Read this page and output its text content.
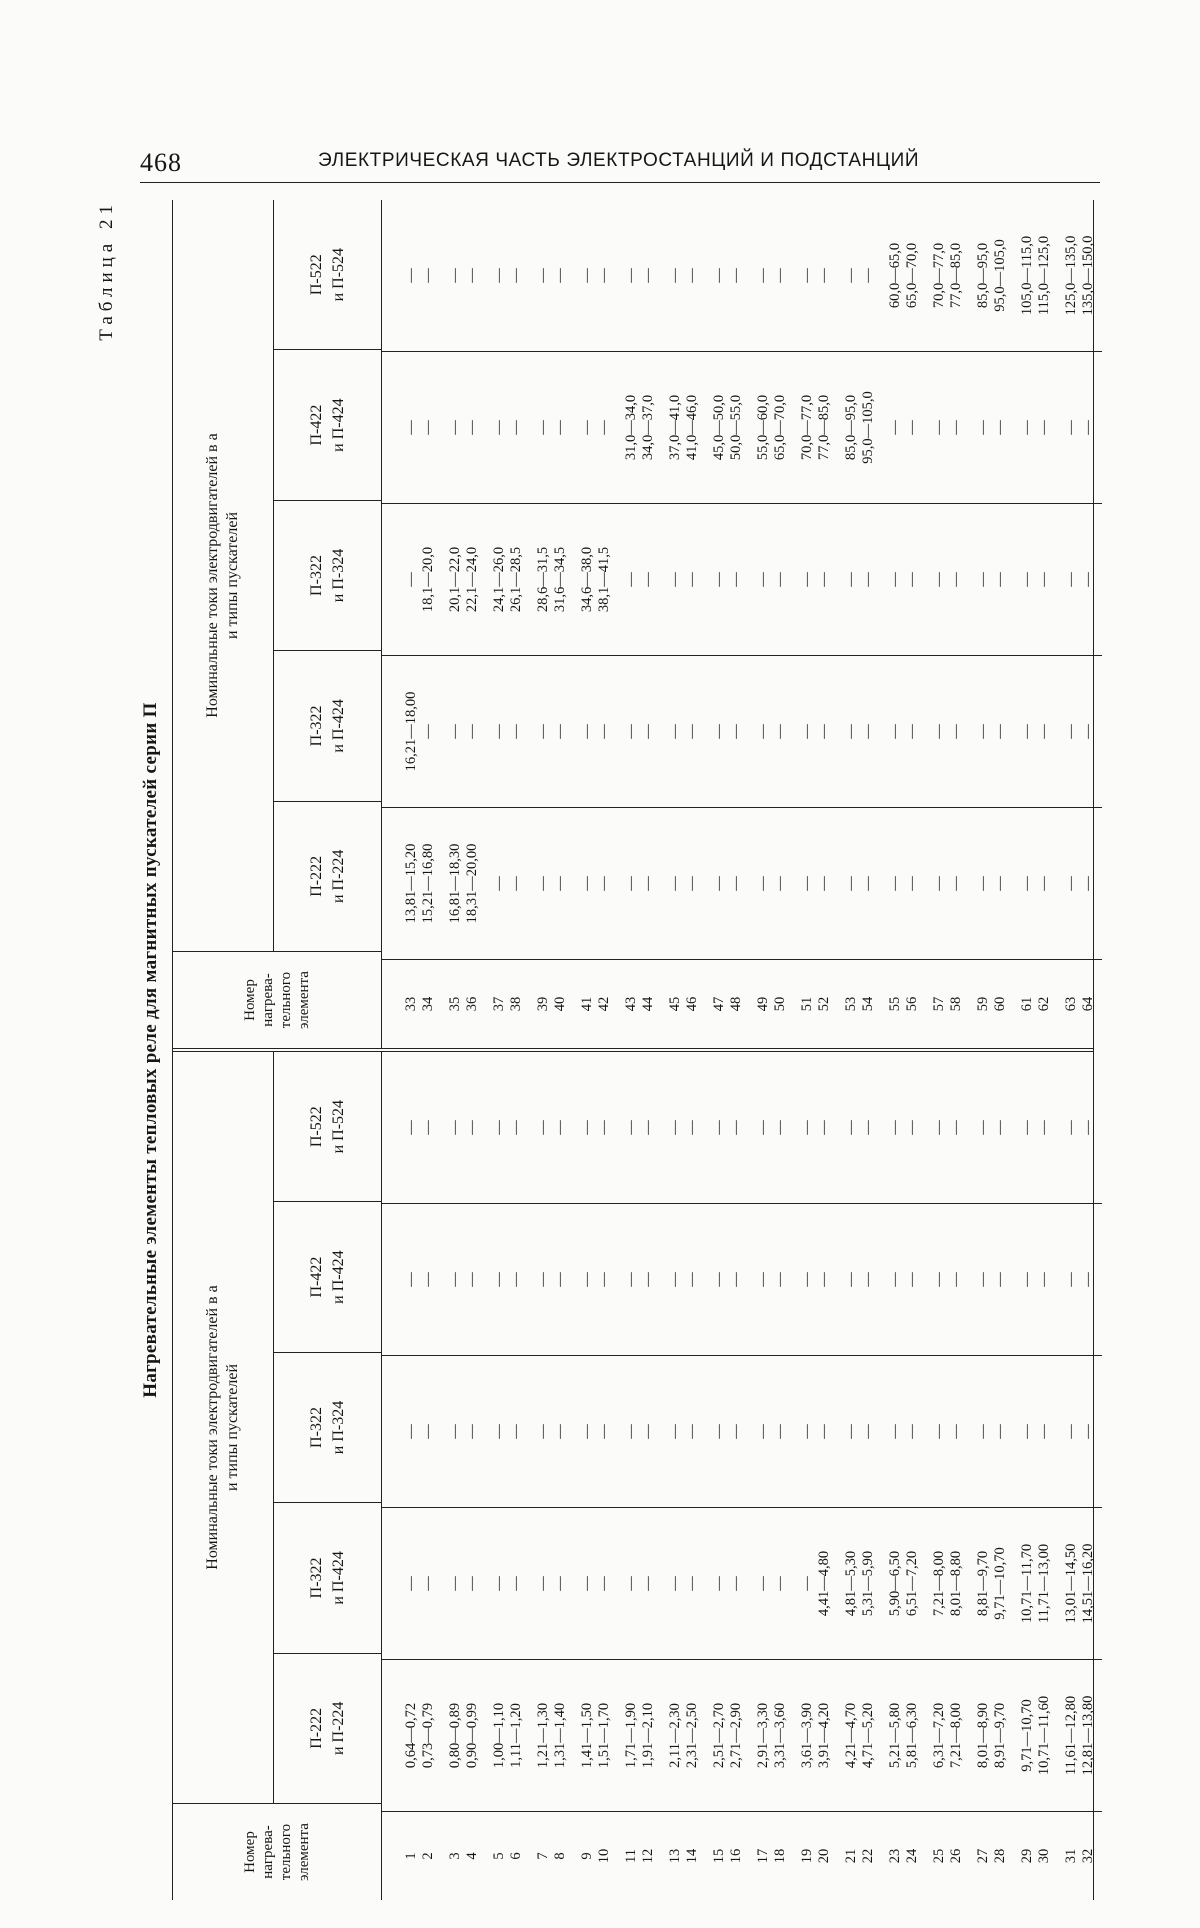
468	ЭЛЕКТРИЧЕСКАЯ ЧАСТЬ ЭЛЕКТРОСТАНЦИЙ И ПОДСТАНЦИЙ
Таблица 21
Нагревательные элементы тепловых реле для магнитных пускателей серии П
Номер нагрева- тельного элемента
Номинальные токи электродвигателей в а и типы пускателей
П-222 и П-224
П-322 и П-424
П-322 и П-324
П-422 и П-424
П-522 и П-524
1 2 3 4 5 6 7 8 9 10 11 12 13 14 15 16 17 18 19 20 21 22 23 24 25 26 27 28 29 30 31 32
0,64—0,72 0,73—0,79 0,80—0,89 0,90—0,99 1,00—1,10 1,11—1,20 1,21—1,30 1,31—1,40 1,41—1,50 1,51—1,70 1,71—1,90 1,91—2,10 2,11—2,30 2,31—2,50 2,51—2,70 2,71—2,90 2,91—3,30 3,31—3,60 3,61—3,90 3,91—4,20 4,21—4,70 4,71—5,20 5,21—5,80 5,81—6,30 6,31—7,20 7,21—8,00 8,01—8,90 8,91—9,70 9,71—10,70 10,71—11,60 11,61—12,80 12,81—13,80
— — — — — — — — — — — — — — — — — — — 4,41—4,80 4,81—5,30 5,31—5,90 5,90—6,50 6,51—7,20 7,21—8,00 8,01—8,80 8,81—9,70 9,71—10,70 10,71—11,70 11,71—13,00 13,01—14,50 14,51—16,20
— — — — — — — — — — — — — — — — — — — — — — — — — — — — — — — —
— — — — — — — — — — — — — — — — — — — — — — — — — — — — — — — —
— — — — — — — — — — — — — — — — — — — — — — — — — — — — — — — —
Номер нагрева- тельного элемента
Номинальные токи электродвигателей в а и типы пускателей
П-222 и П-224
П-322 и П-424
П-322 и П-324
П-422 и П-424
П-522 и П-524
33 34 35 36 37 38 39 40 41 42 43 44 45 46 47 48 49 50 51 52 53 54 55 56 57 58 59 60 61 62 63 64
13,81—15,20 15,21—16,80 16,81—18,30 18,31—20,00 — — — — — — — — — — — — — — — — — — — — — — — — — — — —
16,21—18,00 — — — — — — — — — — — — — — — — — — — — — — — — — — — — — — —
— 18,1—20,0 20,1—22,0 22,1—24,0 24,1—26,0 26,1—28,5 28,6—31,5 31,6—34,5 34,6—38,0 38,1—41,5 — — — — — — — — — — — — — — — — — — — — — —
— — — — — — — — — — 31,0—34,0 34,0—37,0 37,0—41,0 41,0—46,0 45,0—50,0 50,0—55,0 55,0—60,0 65,0—70,0 70,0—77,0 77,0—85,0 85,0—95,0 95,0—105,0 — — — — — — — — — —
— — — — — — — — — — — — — — — — — — — — — — 60,0—65,0 65,0—70,0 70,0—77,0 77,0—85,0 85,0—95,0 95,0—105,0 105,0—115,0 115,0—125,0 125,0—135,0 135,0—150,0
